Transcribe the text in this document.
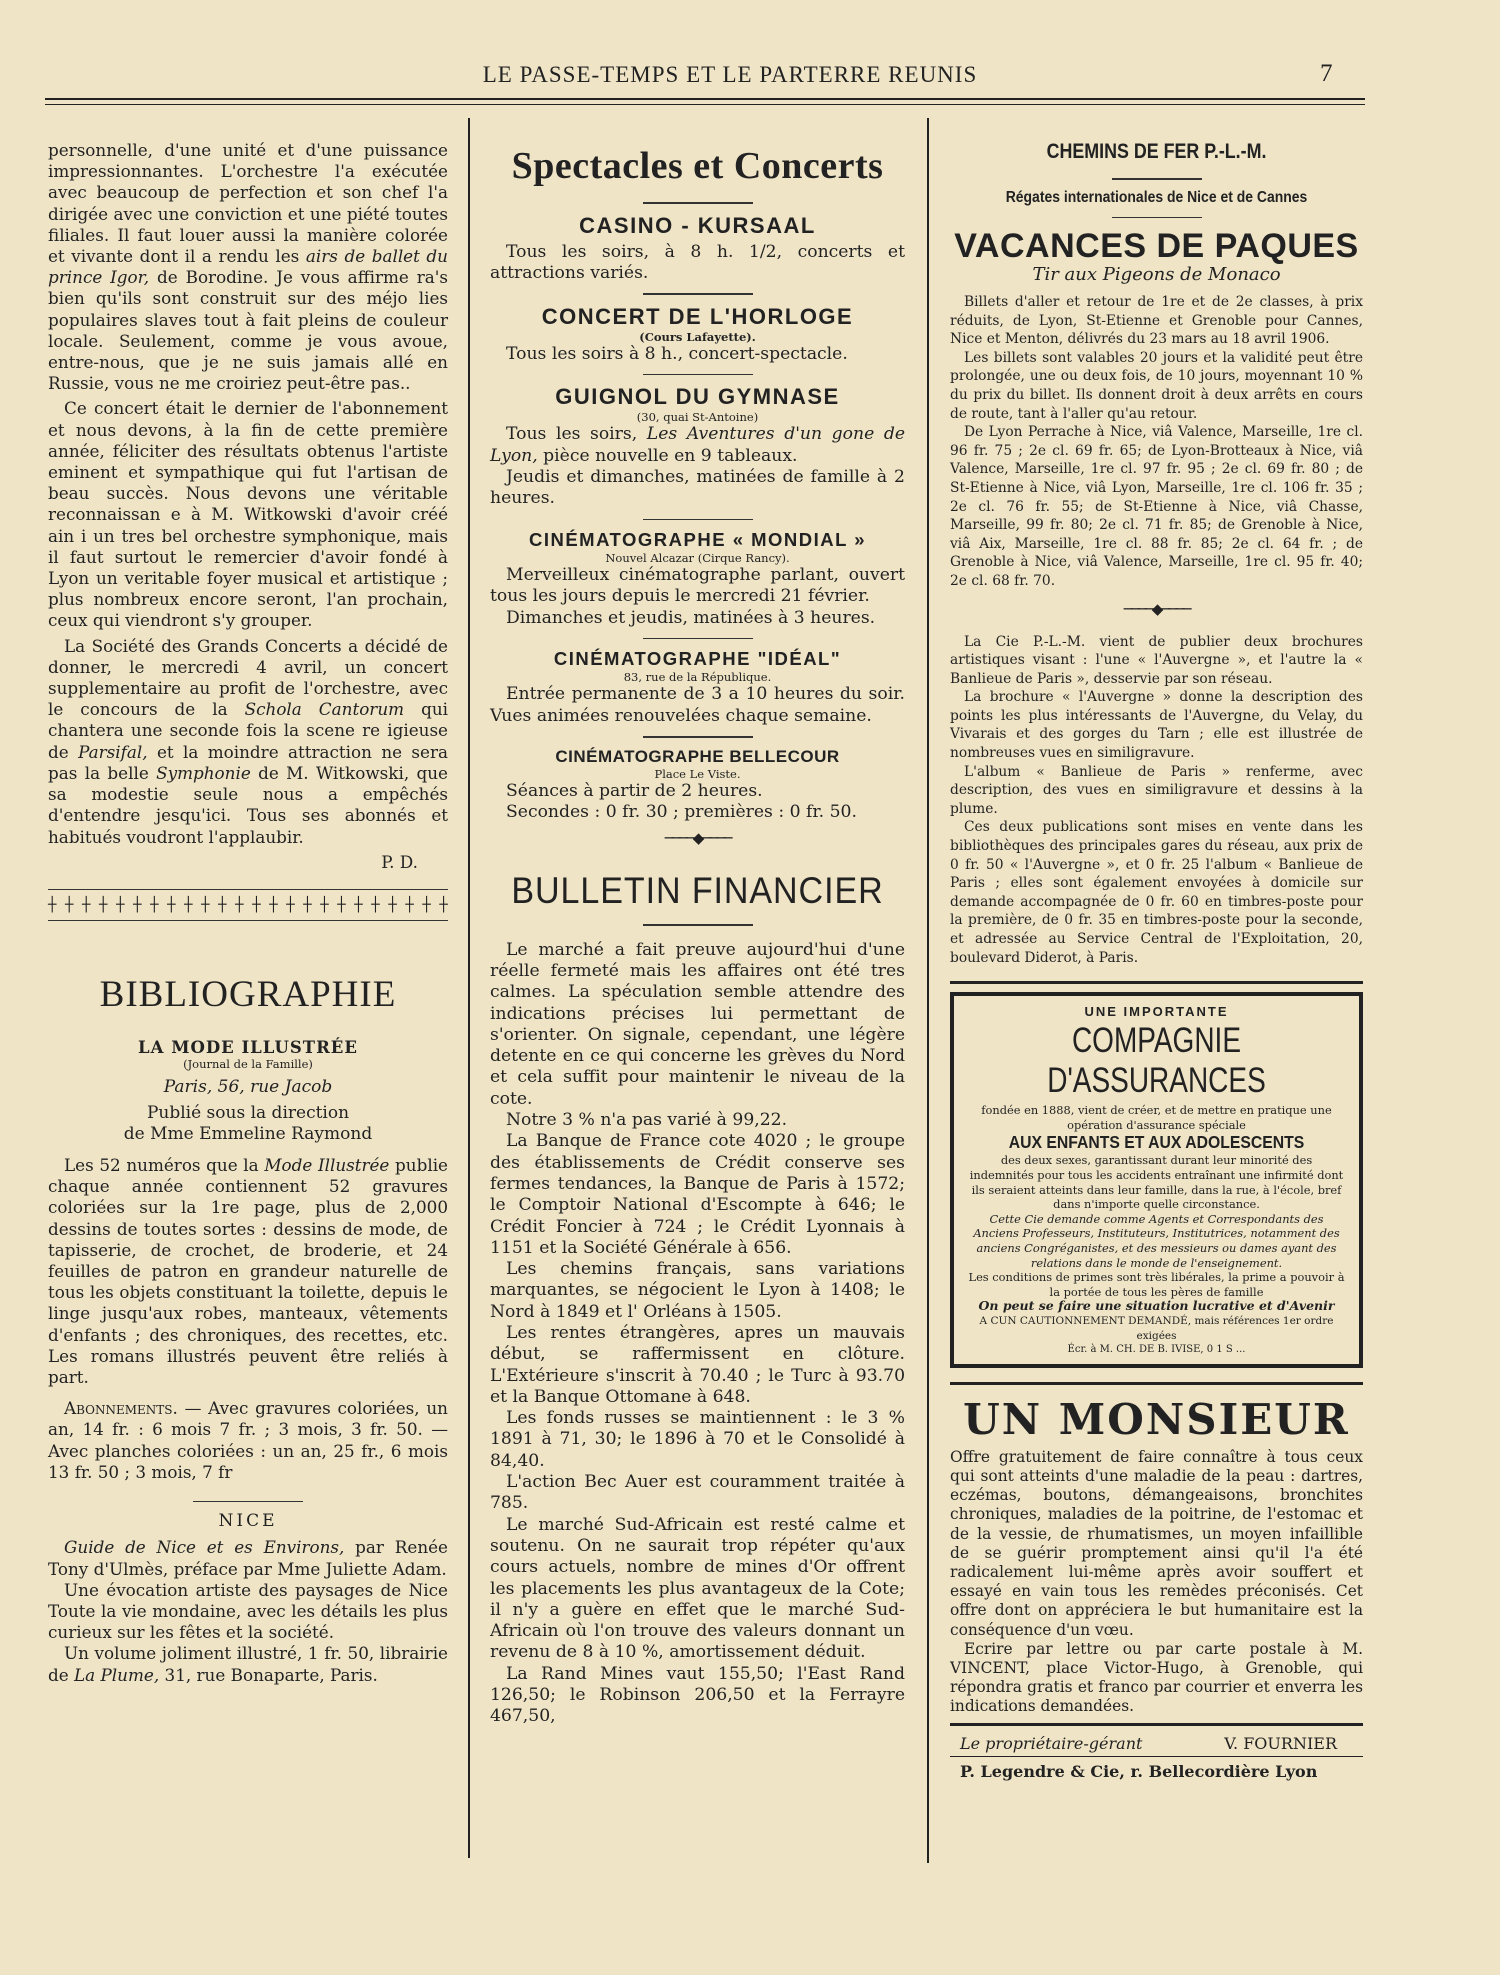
LE PASSE-TEMPS ET LE PARTERRE REUNIS	7

personnelle, d'une unité et d'une puissance impressionnantes. L'orchestre l'a exécutée avec beaucoup de perfection et son chef l'a dirigée avec une conviction et une piété toutes filiales. Il faut louer aussi la manière colorée et vivante dont il a rendu les airs de ballet du prince Igor, de Borodine. Je vous affirme ra's bien qu'ils sont construit sur des méjo lies populaires slaves tout à fait pleins de couleur locale. Seulement, comme je vous avoue, entre-nous, que je ne suis jamais allé en Russie, vous ne me croiriez peut-être pas..

Ce concert était le dernier de l'abonnement et nous devons, à la fin de cette première année, féliciter des résultats obtenus l'artiste eminent et sympathique qui fut l'artisan de beau succès. Nous devons une véritable reconnaissan e à M. Witkowski d'avoir créé ain i un tres bel orchestre symphonique, mais il faut surtout le remercier d'avoir fondé à Lyon un veritable foyer musical et artistique ; plus nombreux encore seront, l'an prochain, ceux qui viendront s'y grouper.

La Société des Grands Concerts a décidé de donner, le mercredi 4 avril, un concert supplementaire au profit de l'orchestre, avec le concours de la Schola Cantorum qui chantera une seconde fois la scene re igieuse de Parsifal, et la moindre attraction ne sera pas la belle Symphonie de M. Witkowski, que sa modestie seule nous a empêchés d'entendre jesqu'ici. Tous ses abonnés et habitués voudront l'applaubir.

P. D.

┼ ┼ ┼ ┼ ┼ ┼ ┼ ┼ ┼ ┼ ┼ ┼ ┼ ┼ ┼ ┼ ┼ ┼ ┼ ┼ ┼ ┼ ┼ ┼
BIBLIOGRAPHIE
LA MODE ILLUSTRÉE
(Journal de la Famille)
Paris, 56, rue Jacob
Publié sous la direction
de Mme Emmeline Raymond

Les 52 numéros que la Mode Illustrée publie chaque année contiennent 52 gravures coloriées sur la 1re page, plus de 2,000 dessins de toutes sortes : dessins de mode, de tapisserie, de crochet, de broderie, et 24 feuilles de patron en grandeur naturelle de tous les objets constituant la toilette, depuis le linge jusqu'aux robes, manteaux, vêtements d'enfants ; des chroniques, des recettes, etc. Les romans illustrés peuvent être reliés à part.

Abonnements. — Avec gravures coloriées, un an, 14 fr. : 6 mois 7 fr. ; 3 mois, 3 fr. 50. — Avec planches coloriées : un an, 25 fr., 6 mois 13 fr. 50 ; 3 mois, 7 fr

NICE

Guide de Nice et es Environs, par Renée Tony d'Ulmès, préface par Mme Juliette Adam.

Une évocation artiste des paysages de Nice Toute la vie mondaine, avec les détails les plus curieux sur les fêtes et la société.

Un volume joliment illustré, 1 fr. 50, librairie de La Plume, 31, rue Bonaparte, Paris.

Spectacles et Concerts
CASINO - KURSAAL

Tous les soirs, à 8 h. 1/2, concerts et attractions variés.

CONCERT DE L'HORLOGE
(Cours Lafayette).

Tous les soirs à 8 h., concert-spectacle.

GUIGNOL DU GYMNASE
(30, quai St-Antoine)

Tous les soirs, Les Aventures d'un gone de Lyon, pièce nouvelle en 9 tableaux.

Jeudis et dimanches, matinées de famille à 2 heures.

CINÉMATOGRAPHE « MONDIAL »
Nouvel Alcazar (Cirque Rancy).

Merveilleux cinématographe parlant, ouvert tous les jours depuis le mercredi 21 février.

Dimanches et jeudis, matinées à 3 heures.

CINÉMATOGRAPHE "IDÉAL"
83, rue de la République.

Entrée permanente de 3 a 10 heures du soir. Vues animées renouvelées chaque semaine.

CINÉMATOGRAPHE BELLECOUR
Place Le Viste.

Séances à partir de 2 heures.

Secondes : 0 fr. 30 ; premières : 0 fr. 50.

────◆────
BULLETIN FINANCIER

Le marché a fait preuve aujourd'hui d'une réelle fermeté mais les affaires ont été tres calmes. La spéculation semble attendre des indications précises lui permettant de s'orienter. On signale, cependant, une légère detente en ce qui concerne les grèves du Nord et cela suffit pour maintenir le niveau de la cote.

Notre 3 % n'a pas varié à 99,22.

La Banque de France cote 4020 ; le groupe des établissements de Crédit conserve ses fermes tendances, la Banque de Paris à 1572; le Comptoir National d'Escompte à 646; le Crédit Foncier à 724 ; le Crédit Lyonnais à 1151 et la Société Générale à 656.

Les chemins français, sans variations marquantes, se négocient le Lyon à 1408; le Nord à 1849 et l' Orléans à 1505.

Les rentes étrangères, apres un mauvais début, se raffermissent en clôture. L'Extérieure s'inscrit à 70.40 ; le Turc à 93.70 et la Banque Ottomane à 648.

Les fonds russes se maintiennent : le 3 % 1891 à 71, 30; le 1896 à 70 et le Consolidé à 84,40.

L'action Bec Auer est couramment traitée à 785.

Le marché Sud-Africain est resté calme et soutenu. On ne saurait trop répéter qu'aux cours actuels, nombre de mines d'Or offrent les placements les plus avantageux de la Cote; il n'y a guère en effet que le marché Sud-Africain où l'on trouve des valeurs donnant un revenu de 8 à 10 %, amortissement déduit.

La Rand Mines vaut 155,50; l'East Rand 126,50; le Robinson 206,50 et la Ferrayre 467,50,

CHEMINS DE FER P.-L.-M.
Régates internationales de Nice et de Cannes
VACANCES DE PAQUES
Tir aux Pigeons de Monaco

Billets d'aller et retour de 1re et de 2e classes, à prix réduits, de Lyon, St-Etienne et Grenoble pour Cannes, Nice et Menton, délivrés du 23 mars au 18 avril 1906.

Les billets sont valables 20 jours et la validité peut être prolongée, une ou deux fois, de 10 jours, moyennant 10 % du prix du billet. Ils donnent droit à deux arrêts en cours de route, tant à l'aller qu'au retour.

De Lyon Perrache à Nice, viâ Valence, Marseille, 1re cl. 96 fr. 75 ; 2e cl. 69 fr. 65; de Lyon-Brotteaux à Nice, viâ Valence, Marseille, 1re cl. 97 fr. 95 ; 2e cl. 69 fr. 80 ; de St-Etienne à Nice, viâ Lyon, Marseille, 1re cl. 106 fr. 35 ; 2e cl. 76 fr. 55; de St-Etienne à Nice, viâ Chasse, Marseille, 99 fr. 80; 2e cl. 71 fr. 85; de Grenoble à Nice, viâ Aix, Marseille, 1re cl. 88 fr. 85; 2e cl. 64 fr. ; de Grenoble à Nice, viâ Valence, Marseille, 1re cl. 95 fr. 40; 2e cl. 68 fr. 70.

────◆────

La Cie P.-L.-M. vient de publier deux brochures artistiques visant : l'une « l'Auvergne », et l'autre la « Banlieue de Paris », desservie par son réseau.

La brochure « l'Auvergne » donne la description des points les plus intéressants de l'Auvergne, du Velay, du Vivarais et des gorges du Tarn ; elle est illustrée de nombreuses vues en similigravure.

L'album « Banlieue de Paris » renferme, avec description, des vues en similigravure et dessins à la plume.

Ces deux publications sont mises en vente dans les bibliothèques des principales gares du réseau, aux prix de 0 fr. 50 « l'Auvergne », et 0 fr. 25 l'album « Banlieue de Paris ; elles sont également envoyées à domicile sur demande accompagnée de 0 fr. 60 en timbres-poste pour la première, de 0 fr. 35 en timbres-poste pour la seconde, et adressée au Service Central de l'Exploitation, 20, boulevard Diderot, à Paris.

UNE IMPORTANTE
COMPAGNIE D'ASSURANCES
fondée en 1888, vient de créer, et de mettre en pratique une opération d'assurance spéciale
AUX ENFANTS ET AUX ADOLESCENTS
des deux sexes, garantissant durant leur minorité des indemnités pour tous les accidents entraînant une infirmité dont ils seraient atteints dans leur famille, dans la rue, à l'école, bref dans n'importe quelle circonstance.
Cette Cie demande comme Agents et Correspondants des Anciens Professeurs, Instituteurs, Institutrices, notamment des anciens Congréganistes, et des messieurs ou dames ayant des relations dans le monde de l'enseignement.
Les conditions de primes sont très libérales, la prime a pouvoir à la portée de tous les pères de famille
On peut se faire une situation lucrative et d'Avenir
A CUN CAUTIONNEMENT DEMANDÉ, mais références 1er ordre exigées
Écr. à M. CH. DE B. IVISE, 0 1 S ...
UN MONSIEUR

Offre gratuitement de faire connaître à tous ceux qui sont atteints d'une maladie de la peau : dartres, eczémas, boutons, démangeaisons, bronchites chroniques, maladies de la poitrine, de l'estomac et de la vessie, de rhumatismes, un moyen infaillible de se guérir promptement ainsi qu'il l'a été radicalement lui-même après avoir souffert et essayé en vain tous les remèdes préconisés. Cet offre dont on appréciera le but humanitaire est la conséquence d'un vœu.

Ecrire par lettre ou par carte postale à M. VINCENT, place Victor-Hugo, à Grenoble, qui répondra gratis et franco par courrier et enverra les indications demandées.

Le propriétaire-gérant	V. FOURNIER
P. Legendre & Cie, r. Bellecordière Lyon
